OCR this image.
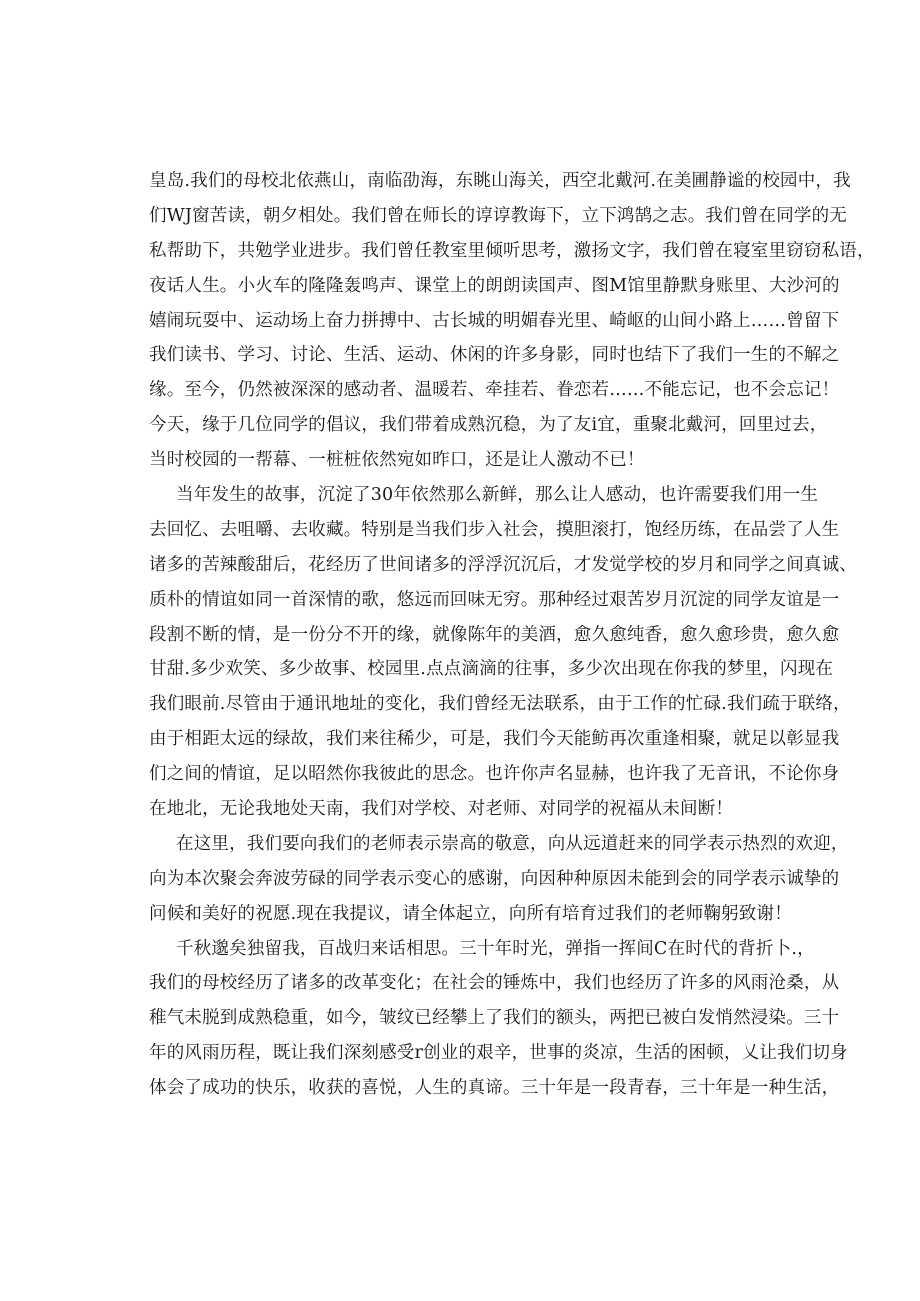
皇岛.我们的母校北依燕山，南临劭海，东眺山海关，西空北戴河.在美圃静谧的校园中，我
们WJ窗苦读，朝夕相处。我们曾在师长的谆谆教诲下，立下鸿鹄之志。我们曾在同学的无
私帮助下，共勉学业进步。我们曾任教室里倾听思考，激扬文字，我们曾在寝室里窃窃私语，
夜话人生。小火车的隆隆轰鸣声、课堂上的朗朗读国声、图M馆里静默身账里、大沙河的
嬉闹玩耍中、运动场上奋力拼搏中、古长城的明媚春光里、崎岖的山间小路上……曾留下
我们读书、学习、讨论、生活、运动、休闲的许多身影，同时也结下了我们一生的不解之
缘。至今，仍然被深深的感动者、温暖若、牵挂若、眷恋若……不能忘记，也不会忘记！
今天，缘于几位同学的倡议，我们带着成熟沉稳，为了友i宜，重聚北戴河，回里过去，
当时校园的一帮幕、一桩桩依然宛如昨口，还是让人激动不已！
当年发生的故事，沉淀了30年依然那么新鲜，那么让人感动，也许需要我们用一生
去回忆、去咀嚼、去收藏。特别是当我们步入社会，摸胆滚打，饱经历练，在品尝了人生
诸多的苦辣酸甜后，花经历了世间诸多的浮浮沉沉后，才发觉学校的岁月和同学之间真诚、
质朴的情谊如同一首深情的歌，悠远而回味无穷。那种经过艰苦岁月沉淀的同学友谊是一
段割不断的情，是一份分不开的缘，就像陈年的美酒，愈久愈纯香，愈久愈珍贵，愈久愈
甘甜.多少欢笑、多少故事、校园里.点点滴滴的往事，多少次出现在你我的梦里，闪现在
我们眼前.尽管由于通讯地址的变化，我们曾经无法联系，由于工作的忙碌.我们疏于联络，
由于相距太远的绿故，我们来往稀少，可是，我们今天能鲂再次重逢相聚，就足以彰显我
们之间的情谊，足以昭然你我彼此的思念。也许你声名显赫，也许我了无音讯，不论你身
在地北，无论我地处天南，我们对学校、对老师、对同学的祝福从未间断！
在这里，我们要向我们的老师表示崇高的敬意，向从远道赶来的同学表示热烈的欢迎，
向为本次聚会奔波劳碌的同学表示变心的感谢，向因种种原因未能到会的同学表示诚挚的
问候和美好的祝愿.现在我提议，请全体起立，向所有培育过我们的老师鞠躬致谢！
千秋邈矣独留我，百战归来话相思。三十年时光，弹指一挥间C在时代的背折卜.，
我们的母校经历了诸多的改革变化；在社会的锤炼中，我们也经历了许多的风雨沧桑，从
稚气未脱到成熟稳重，如今，皱纹已经攀上了我们的额头，两把已被白发悄然浸染。三十
年的风雨历程，既让我们深刻感受r创业的艰辛，世事的炎凉，生活的困顿，乂让我们切身
体会了成功的快乐，收获的喜悦，人生的真谛。三十年是一段青春，三十年是一种生活，
